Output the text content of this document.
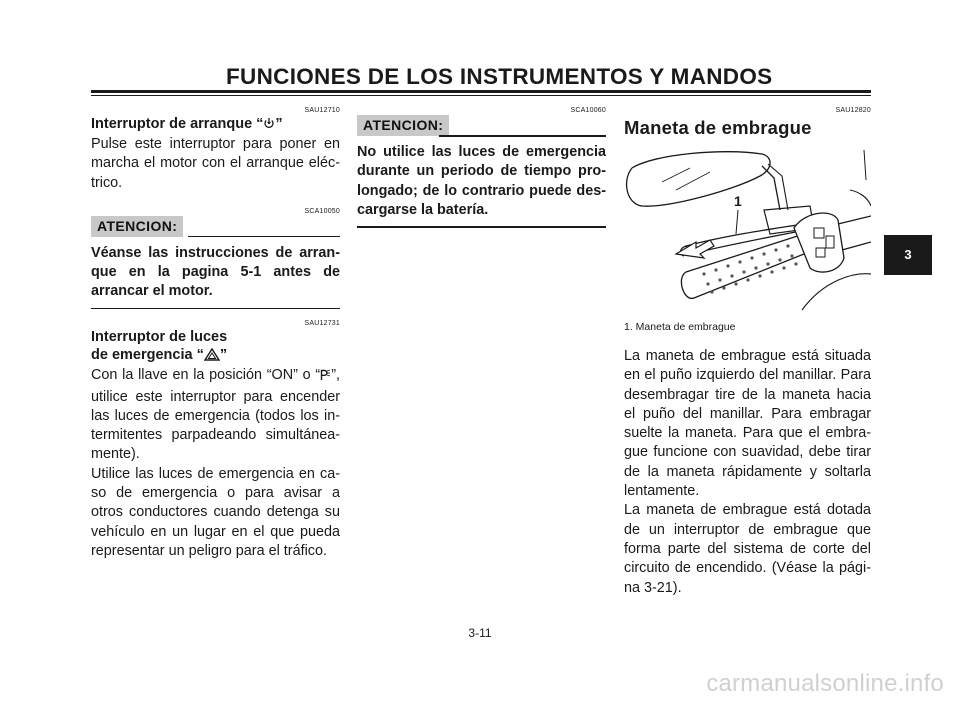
FUNCIONES DE LOS INSTRUMENTOS Y MANDOS
SAU12710
Interruptor de arranque “ ”

Pulse este interruptor para poner en marcha el motor con el arranque eléc-trico.

SCA10050
ATENCION:
Véanse las instrucciones de arran-que en la pagina 5-1 antes de arrancar el motor.
SAU12731
Interruptor de luces
de emergencia “ ”

Con la llave en la posición “ON” o “ ”, utilice este interruptor para encender las luces de emergencia (todos los in-termitentes parpadeando simultánea-mente).

Utilice las luces de emergencia en ca-so de emergencia o para avisar a otros conductores cuando detenga su vehículo en un lugar en el que pueda representar un peligro para el tráfico.

SCA10060
ATENCION:
No utilice las luces de emergencia durante un periodo de tiempo pro-longado; de lo contrario puede des-cargarse la batería.
SAU12820
Maneta de embrague
1
1. Maneta de embrague

La maneta de embrague está situada en el puño izquierdo del manillar. Para desembragar tire de la maneta hacia el puño del manillar. Para embragar suelte la maneta. Para que el embra-gue funcione con suavidad, debe tirar de la maneta rápidamente y soltarla lentamente.

La maneta de embrague está dotada de un interruptor de embrague que forma parte del sistema de corte del circuito de encendido. (Véase la pági-na 3-21).

3
3-11
carmanualsonline.info
